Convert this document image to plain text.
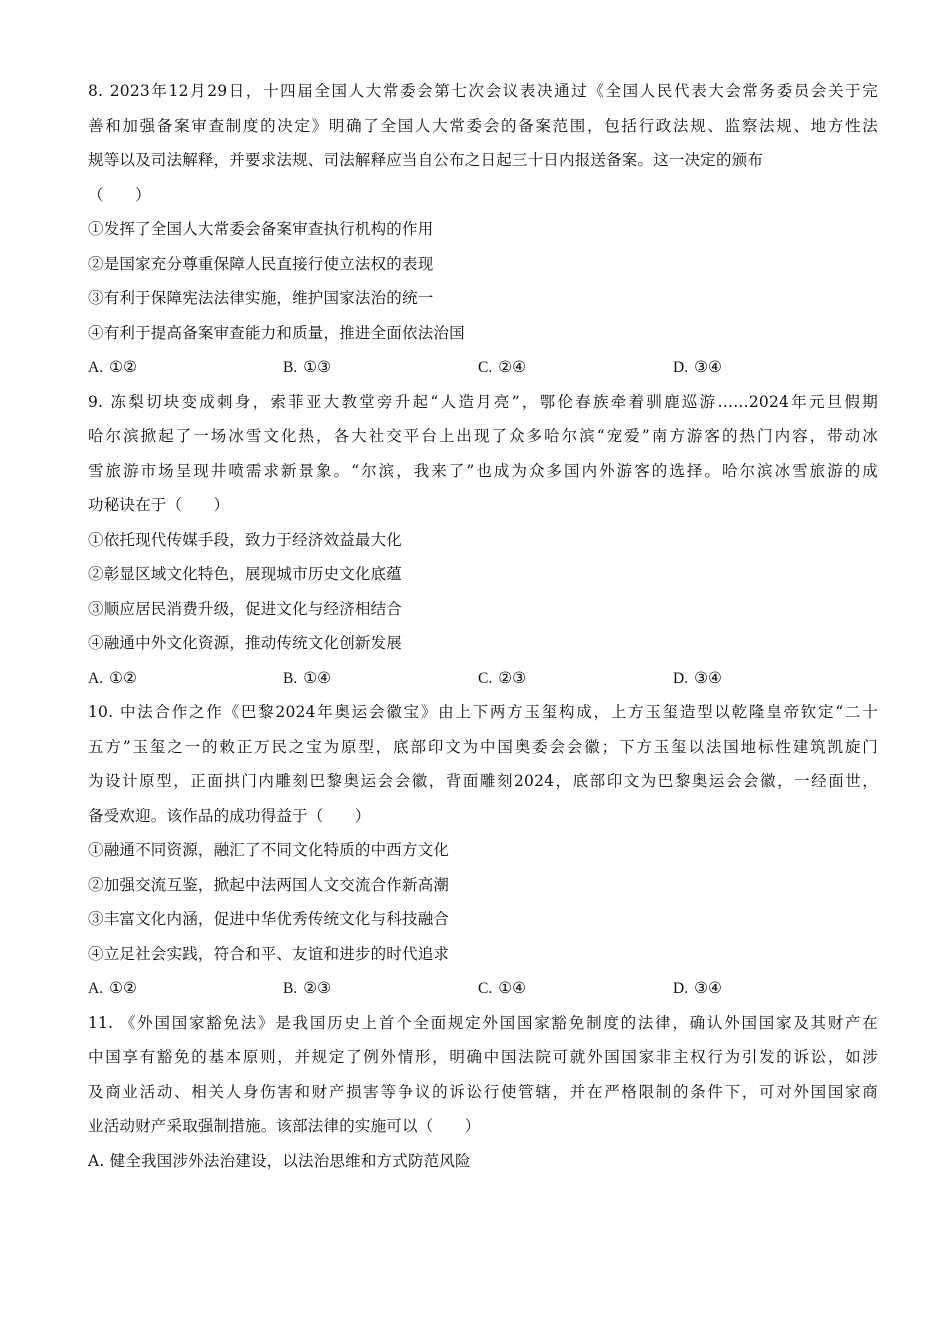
8. 2023年12月29日，十四届全国人大常委会第七次会议表决通过《全国人民代表大会常务委员会关于完
善和加强备案审查制度的决定》明确了全国人大常委会的备案范围，包括行政法规、监察法规、地方性法
规等以及司法解释，并要求法规、司法解释应当自公布之日起三十日内报送备案。这一决定的颁布
（　　）
①发挥了全国人大常委会备案审查执行机构的作用
②是国家充分尊重保障人民直接行使立法权的表现
③有利于保障宪法法律实施，维护国家法治的统一
④有利于提高备案审查能力和质量，推进全面依法治国
A. ①②	B. ①③	C. ②④	D. ③④
9. 冻梨切块变成刺身，索菲亚大教堂旁升起“人造月亮”，鄂伦春族牵着驯鹿巡游……2024年元旦假期
哈尔滨掀起了一场冰雪文化热，各大社交平台上出现了众多哈尔滨“宠爱”南方游客的热门内容，带动冰
雪旅游市场呈现井喷需求新景象。“尔滨，我来了”也成为众多国内外游客的选择。哈尔滨冰雪旅游的成
功秘诀在于（　　）
①依托现代传媒手段，致力于经济效益最大化
②彰显区域文化特色，展现城市历史文化底蕴
③顺应居民消费升级，促进文化与经济相结合
④融通中外文化资源，推动传统文化创新发展
A. ①②	B. ①④	C. ②③	D. ③④
10. 中法合作之作《巴黎2024年奥运会徽宝》由上下两方玉玺构成，上方玉玺造型以乾隆皇帝钦定“二十
五方”玉玺之一的敕正万民之宝为原型，底部印文为中国奥委会会徽；下方玉玺以法国地标性建筑凯旋门
为设计原型，正面拱门内雕刻巴黎奥运会会徽，背面雕刻2024，底部印文为巴黎奥运会会徽，一经面世，
备受欢迎。该作品的成功得益于（　　）
①融通不同资源，融汇了不同文化特质的中西方文化
②加强交流互鉴，掀起中法两国人文交流合作新高潮
③丰富文化内涵，促进中华优秀传统文化与科技融合
④立足社会实践，符合和平、友谊和进步的时代追求
A. ①②	B. ②③	C. ①④	D. ③④
11. 《外国国家豁免法》是我国历史上首个全面规定外国国家豁免制度的法律，确认外国国家及其财产在
中国享有豁免的基本原则，并规定了例外情形，明确中国法院可就外国国家非主权行为引发的诉讼，如涉
及商业活动、相关人身伤害和财产损害等争议的诉讼行使管辖，并在严格限制的条件下，可对外国国家商
业活动财产采取强制措施。该部法律的实施可以（　　）
A. 健全我国涉外法治建设，以法治思维和方式防范风险
